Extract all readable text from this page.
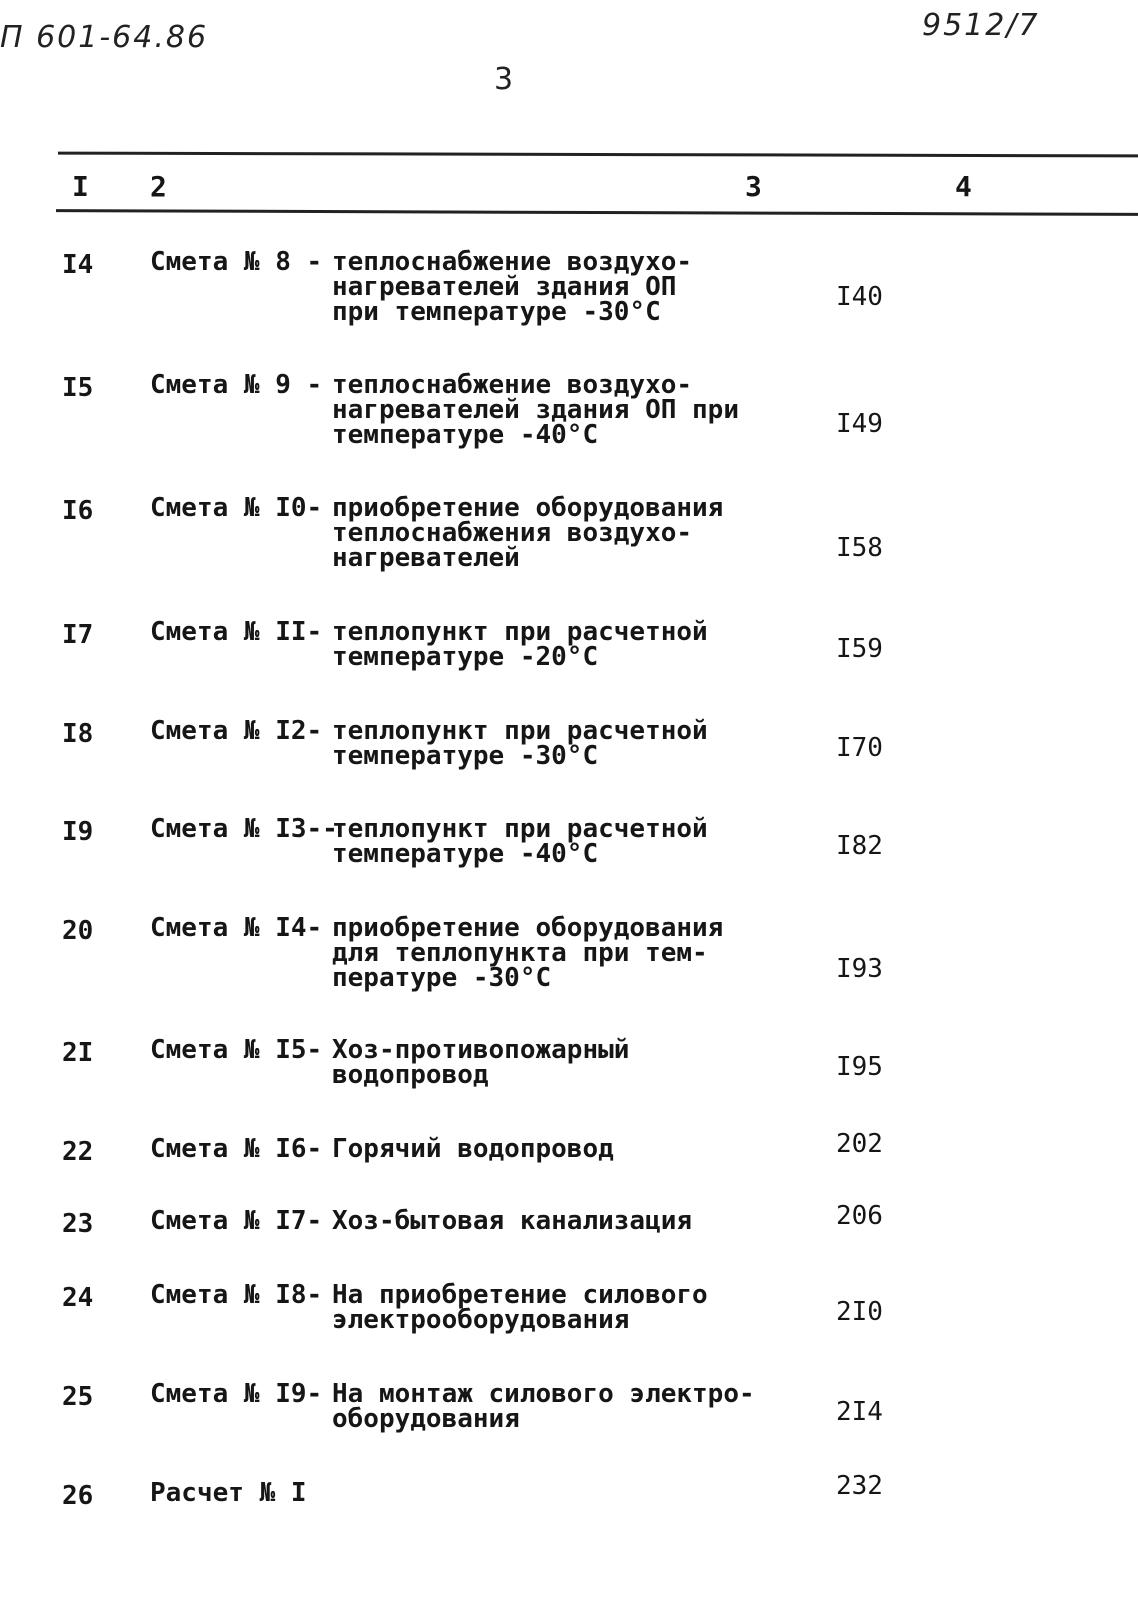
П 601-64.86	9512/7
3
I 2	3	4
I4 Смета № 8 - теплоснабжение воздухо-
нагревателей здания ОП
при температуре -30°С	I40
I5 Смета № 9 - теплоснабжение воздухо-
нагревателей здания ОП при
температуре -40°С	I49
I6 Смета № I0- приобретение оборудования
теплоснабжения воздухо-
нагревателей	I58
I7 Смета № II- теплопункт при расчетной
температуре -20°С	I59
I8 Смета № I2- теплопункт при расчетной
температуре -30°С	I70
I9 Смета № I3--
теплопункт при расчетной
температуре -40°С	I82
20 Смета № I4- приобретение оборудования
для теплопункта при тем-
пературе -30°С	I93
2I Смета № I5- Хоз-противопожарный
водопровод	I95
22 Смета № I6- Горячий водопровод	202
23 Смета № I7- Хоз-бытовая канализация	206
24 Смета № I8- На приобретение силового
электрооборудования	2I0
25 Смета № I9- На монтаж силового электро-
оборудования	2I4
26 Расчет № I	232
